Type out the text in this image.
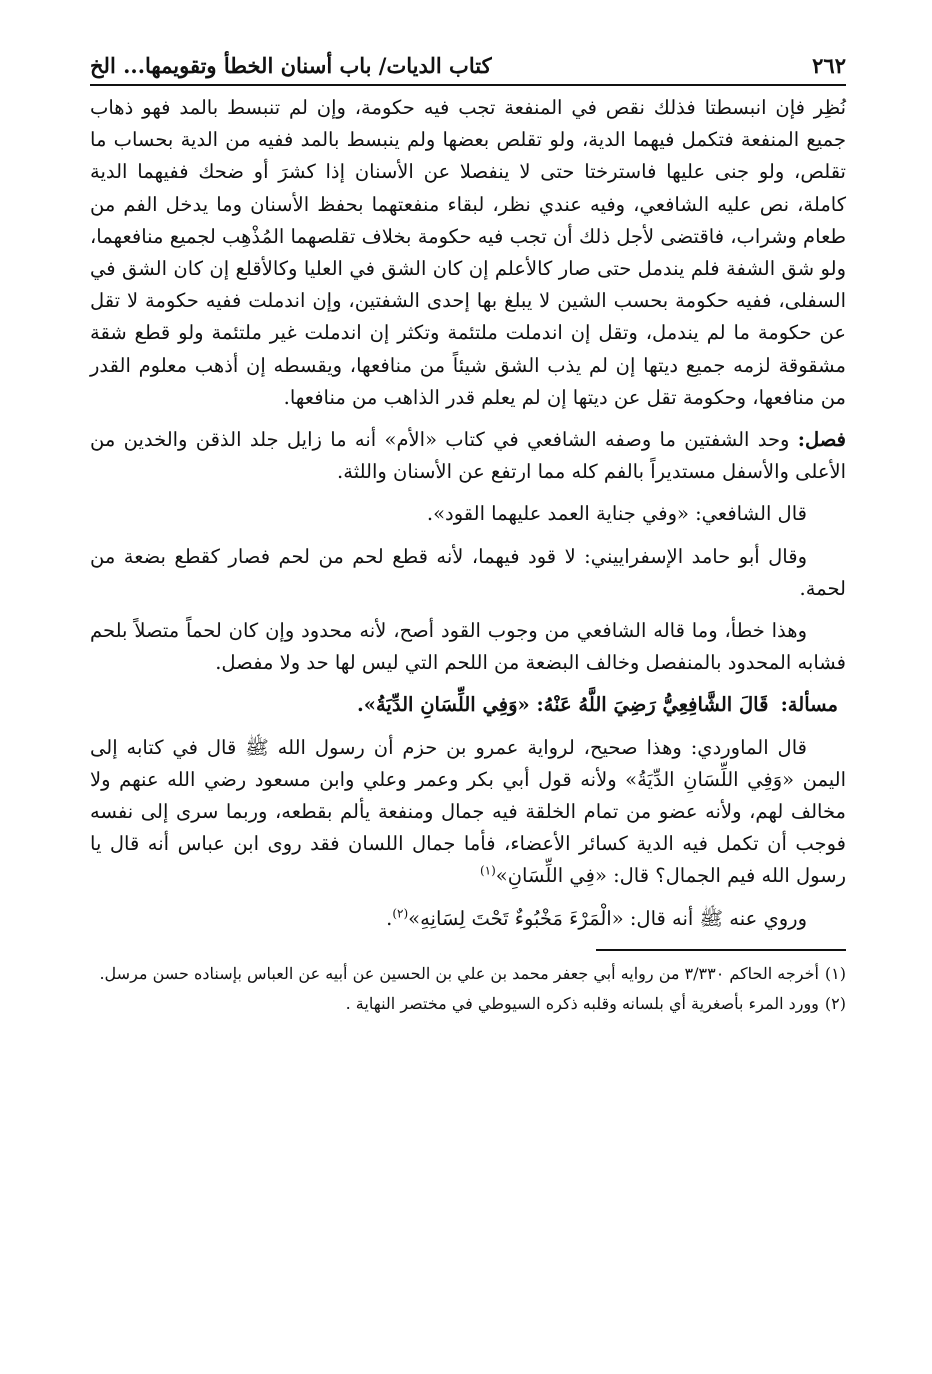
٢٦٢
كتاب الديات/ باب أسنان الخطأ وتقويمها... الخ

نُظِر فإن انبسطتا فذلك نقص في المنفعة تجب فيه حكومة، وإن لم تنبسط بالمد فهو ذهاب جميع المنفعة فتكمل فيهما الدية، ولو تقلص بعضها ولم ينبسط بالمد ففيه من الدية بحساب ما تقلص، ولو جنى عليها فاسترختا حتى لا ينفصلا عن الأسنان إذا كشرَ أو ضحك ففيهما الدية كاملة، نص عليه الشافعي، وفيه عندي نظر، لبقاء منفعتهما بحفظ الأسنان وما يدخل الفم من طعام وشراب، فاقتضى لأجل ذلك أن تجب فيه حكومة بخلاف تقلصهما المُذْهِب لجميع منافعهما، ولو شق الشفة فلم يندمل حتى صار كالأعلم إن كان الشق في العليا وكالأقلع إن كان الشق في السفلى، ففيه حكومة بحسب الشين لا يبلغ بها إحدى الشفتين، وإن اندملت ففيه حكومة لا تقل عن حكومة ما لم يندمل، وتقل إن اندملت ملتئمة وتكثر إن اندملت غير ملتئمة ولو قطع شقة مشقوقة لزمه جميع ديتها إن لم يذب الشق شيئاً من منافعها، ويقسطه إن أذهب معلوم القدر من منافعها، وحكومة تقل عن ديتها إن لم يعلم قدر الذاهب من منافعها.

فصل: وحد الشفتين ما وصفه الشافعي في كتاب «الأم» أنه ما زايل جلد الذقن والخدين من الأعلى والأسفل مستديراً بالفم كله مما ارتفع عن الأسنان واللثة.

قال الشافعي: «وفي جناية العمد عليهما القود».

وقال أبو حامد الإسفراييني: لا قود فيهما، لأنه قطع لحم من لحم فصار كقطع بضعة من لحمة.

وهذا خطأ، وما قاله الشافعي من وجوب القود أصح، لأنه محدود وإن كان لحماً متصلاً بلحم فشابه المحدود بالمنفصل وخالف البضعة من اللحم التي ليس لها حد ولا مفصل.

مسألة: قَالَ الشَّافِعِيُّ رَضِيَ اللَّهُ عَنْهُ: «وَفِي اللِّسَانِ الدِّيَةُ».

قال الماوردي: وهذا صحيح، لرواية عمرو بن حزم أن رسول الله ﷺ قال في كتابه إلى اليمن «وَفِي اللِّسَانِ الدِّيَةُ» ولأنه قول أبي بكر وعمر وعلي وابن مسعود رضي الله عنهم ولا مخالف لهم، ولأنه عضو من تمام الخلقة فيه جمال ومنفعة يألم بقطعه، وربما سرى إلى نفسه فوجب أن تكمل فيه الدية كسائر الأعضاء، فأما جمال اللسان فقد روى ابن عباس أنه قال يا رسول الله فيم الجمال؟ قال: «فِي اللِّسَانِ»$^{(١)}$

وروي عنه ﷺ أنه قال: «الْمَرْءَ مَخْبُوءٌ تَحْتَ لِسَانِهِ»$^{(٢)}$.

(١)أخرجه الحاكم ٣/٣٣٠ من روايه أبي جعفر محمد بن علي بن الحسين عن أبيه عن العباس بإسناده حسن مرسل.

(٢)وورد المرء بأصغرية أي بلسانه وقلبه ذكره السيوطي في مختصر النهاية .
